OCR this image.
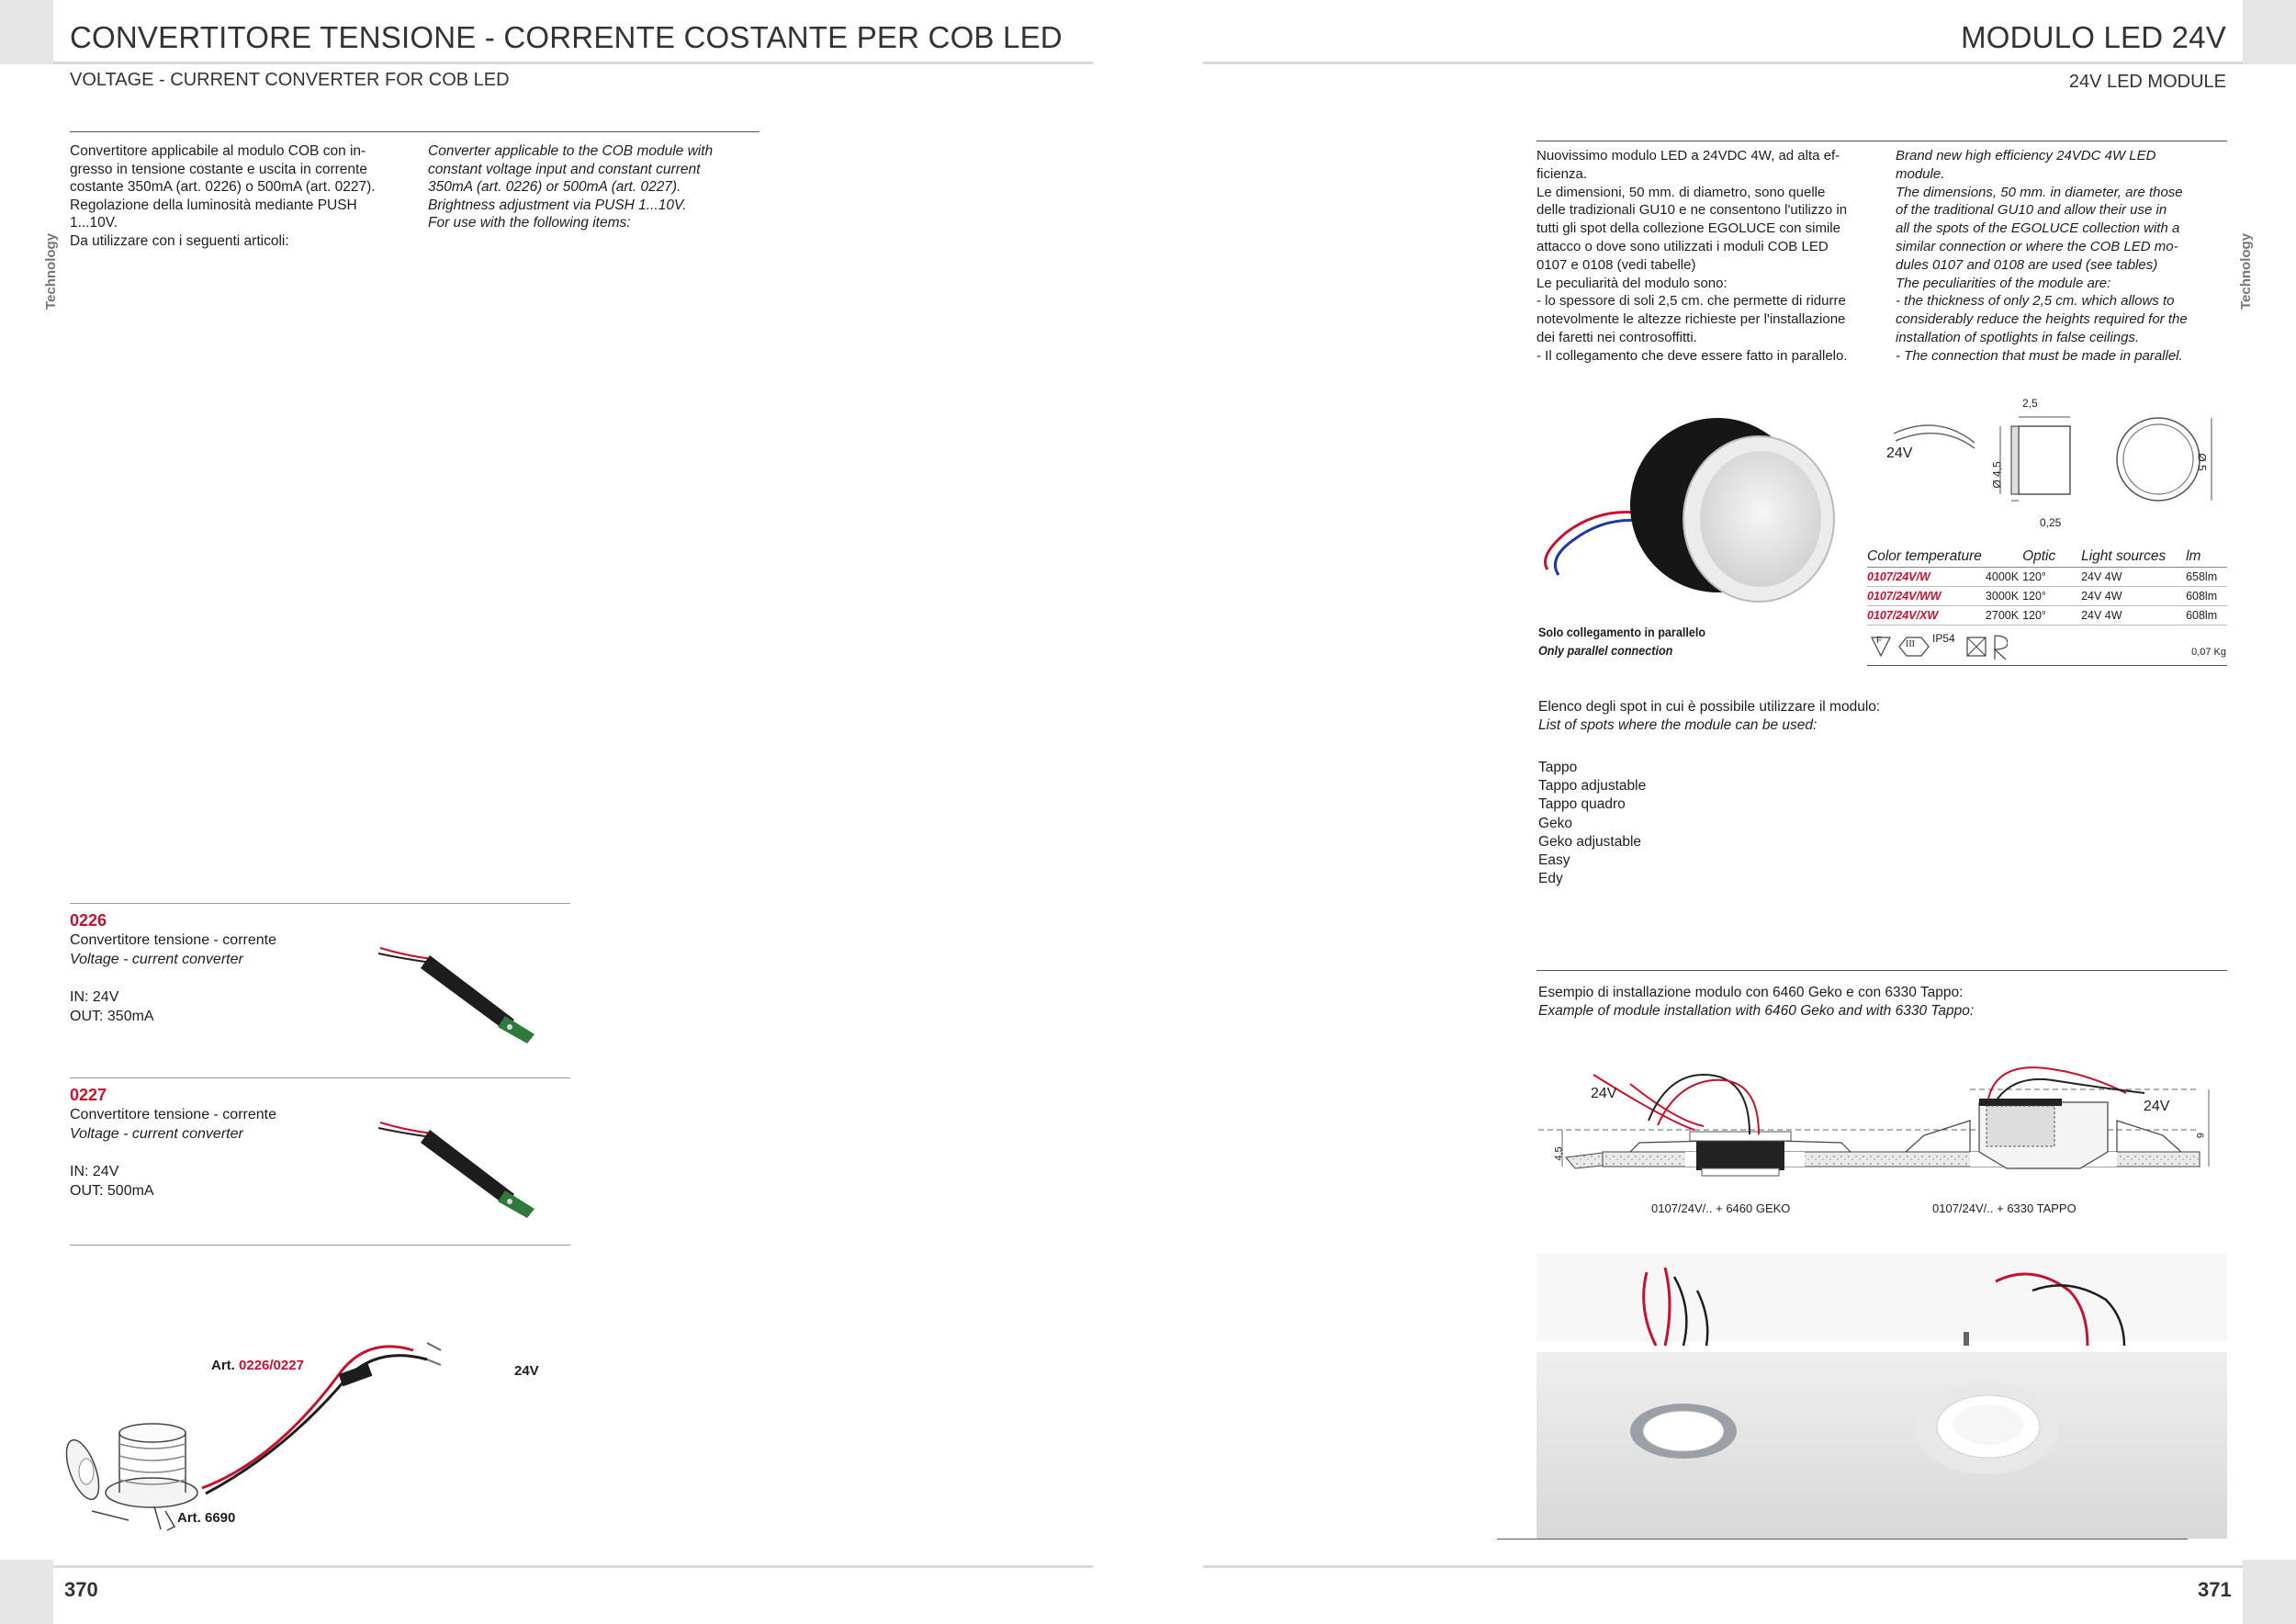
Technology
CONVERTITORE TENSIONE - CORRENTE COSTANTE PER COB LED
VOLTAGE - CURRENT CONVERTER FOR COB LED
Convertitore applicabile al modulo COB con in-
gresso in tensione costante e uscita in corrente
costante 350mA (art. 0226) o 500mA (art. 0227).
Regolazione della luminosità mediante PUSH
1...10V.
Da utilizzare con i seguenti articoli:
Converter applicable to the COB module with
constant voltage input and constant current
350mA (art. 0226) or 500mA (art. 0227).
Brightness adjustment via PUSH 1...10V.
For use with the following items:
0226
Convertitore tensione - corrente
Voltage - current converter
IN: 24V
OUT: 350mA
0227
Convertitore tensione - corrente
Voltage - current converter
IN: 24V
OUT: 500mA
Art. 0226/0227	24V
Art. 6690
370
MODULO LED 24V
24V LED MODULE
Technology
Nuovissimo modulo LED a 24VDC 4W, ad alta ef-
ficienza.
Le dimensioni, 50 mm. di diametro, sono quelle
delle tradizionali GU10 e ne consentono l'utilizzo in
tutti gli spot della collezione EGOLUCE con simile
attacco o dove sono utilizzati i moduli COB LED
0107 e 0108 (vedi tabelle)
Le peculiarità del modulo sono:
- lo spessore di soli 2,5 cm. che permette di ridurre
notevolmente le altezze richieste per l'installazione
dei faretti nei controsoffitti.
- Il collegamento che deve essere fatto in parallelo.
Brand new high efficiency 24VDC 4W LED
module.
The dimensions, 50 mm. in diameter, are those
of the traditional GU10 and allow their use in
all the spots of the EGOLUCE collection with a
similar connection or where the COB LED mo-
dules 0107 and 0108 are used (see tables)
The peculiarities of the module are:
- the thickness of only 2,5 cm. which allows to
considerably reduce the heights required for the
installation of spotlights in false ceilings.
- The connection that must be made in parallel.
24V
2,5
Ø 4,5
0,25
Ø 5
Color temperature		Optic	Light sources	lm
0107/24V/W	4000K	120°	24V 4W	658lm
0107/24V/WW	3000K	120°	24V 4W	608lm
0107/24V/XW	2700K	120°	24V 4W	608lm
F	III IP54
0,07 Kg
Solo collegamento in parallelo
Only parallel connection
Elenco degli spot in cui è possibile utilizzare il modulo:
List of spots where the module can be used:
Tappo
Tappo adjustable
Tappo quadro
Geko
Geko adjustable
Easy
Edy
Esempio di installazione modulo con 6460 Geko e con 6330 Tappo:
Example of module installation with 6460 Geko and with 6330 Tappo:
24V
24V
4,5
6
0107/24V/.. + 6460 GEKO	0107/24V/.. + 6330 TAPPO
371
